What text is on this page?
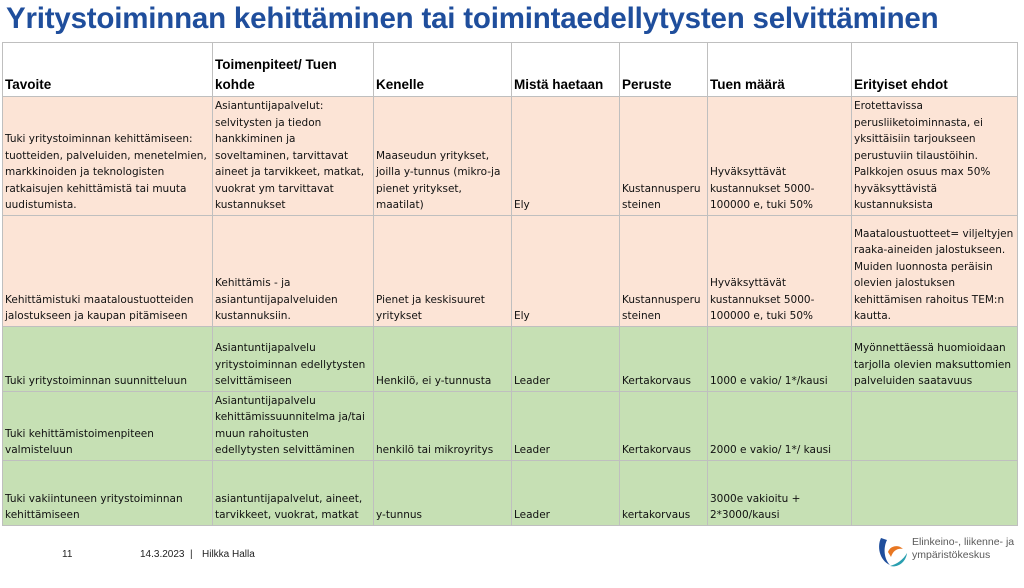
Yritystoiminnan kehittäminen tai toimintaedellytysten selvittäminen
Tavoite	Toimenpiteet/ Tuen kohde	Kenelle	Mistä haetaan	Peruste	Tuen määrä	Erityiset ehdot
Tuki yritystoiminnan kehittämiseen: tuotteiden, palveluiden, menetelmien, markkinoiden ja teknologisten ratkaisujen kehittämistä tai muuta uudistumista.	Asiantuntijapalvelut: selvitysten ja tiedon hankkiminen ja soveltaminen, tarvittavat aineet ja tarvikkeet, matkat, vuokrat ym tarvittavat kustannukset	Maaseudun yritykset, joilla y-tunnus (mikro-ja pienet yritykset, maatilat)	Ely	Kustannusperusteinen	Hyväksyttävät kustannukset 5000-100000 e, tuki 50%	Erotettavissa perusliiketoiminnasta, ei yksittäisiin tarjoukseen perustuviin tilaustöihin. Palkkojen osuus max 50% hyväksyttävistä kustannuksista
Kehittämistuki maataloustuotteiden jalostukseen ja kaupan pitämiseen	Kehittämis - ja asiantuntijapalveluiden kustannuksiin.	Pienet ja keskisuuret yritykset	Ely	Kustannusperusteinen	Hyväksyttävät kustannukset 5000-100000 e, tuki 50%	Maataloustuotteet= viljeltyjen raaka-aineiden jalostukseen. Muiden luonnosta peräisin olevien jalostuksen kehittämisen rahoitus TEM:n kautta.
Tuki yritystoiminnan suunnitteluun	Asiantuntijapalvelu yritystoiminnan edellytysten selvittämiseen	Henkilö, ei y-tunnusta	Leader	Kertakorvaus	1000 e vakio/ 1*/kausi	Myönnettäessä huomioidaan tarjolla olevien maksuttomien palveluiden saatavuus
Tuki kehittämistoimenpiteen valmisteluun	Asiantuntijapalvelu kehittämissuunnitelma ja/tai muun rahoitusten edellytysten selvittäminen	henkilö tai mikroyritys	Leader	Kertakorvaus	2000 e vakio/ 1*/ kausi	
Tuki vakiintuneen yritystoiminnan kehittämiseen	asiantuntijapalvelut, aineet, tarvikkeet, vuokrat, matkat	y-tunnus	Leader	kertakorvaus	3000e vakioitu + 2*3000/kausi	
11	14.3.2023 | Hilkka Halla
Elinkeino-, liikenne- ja
ympäristökeskus
